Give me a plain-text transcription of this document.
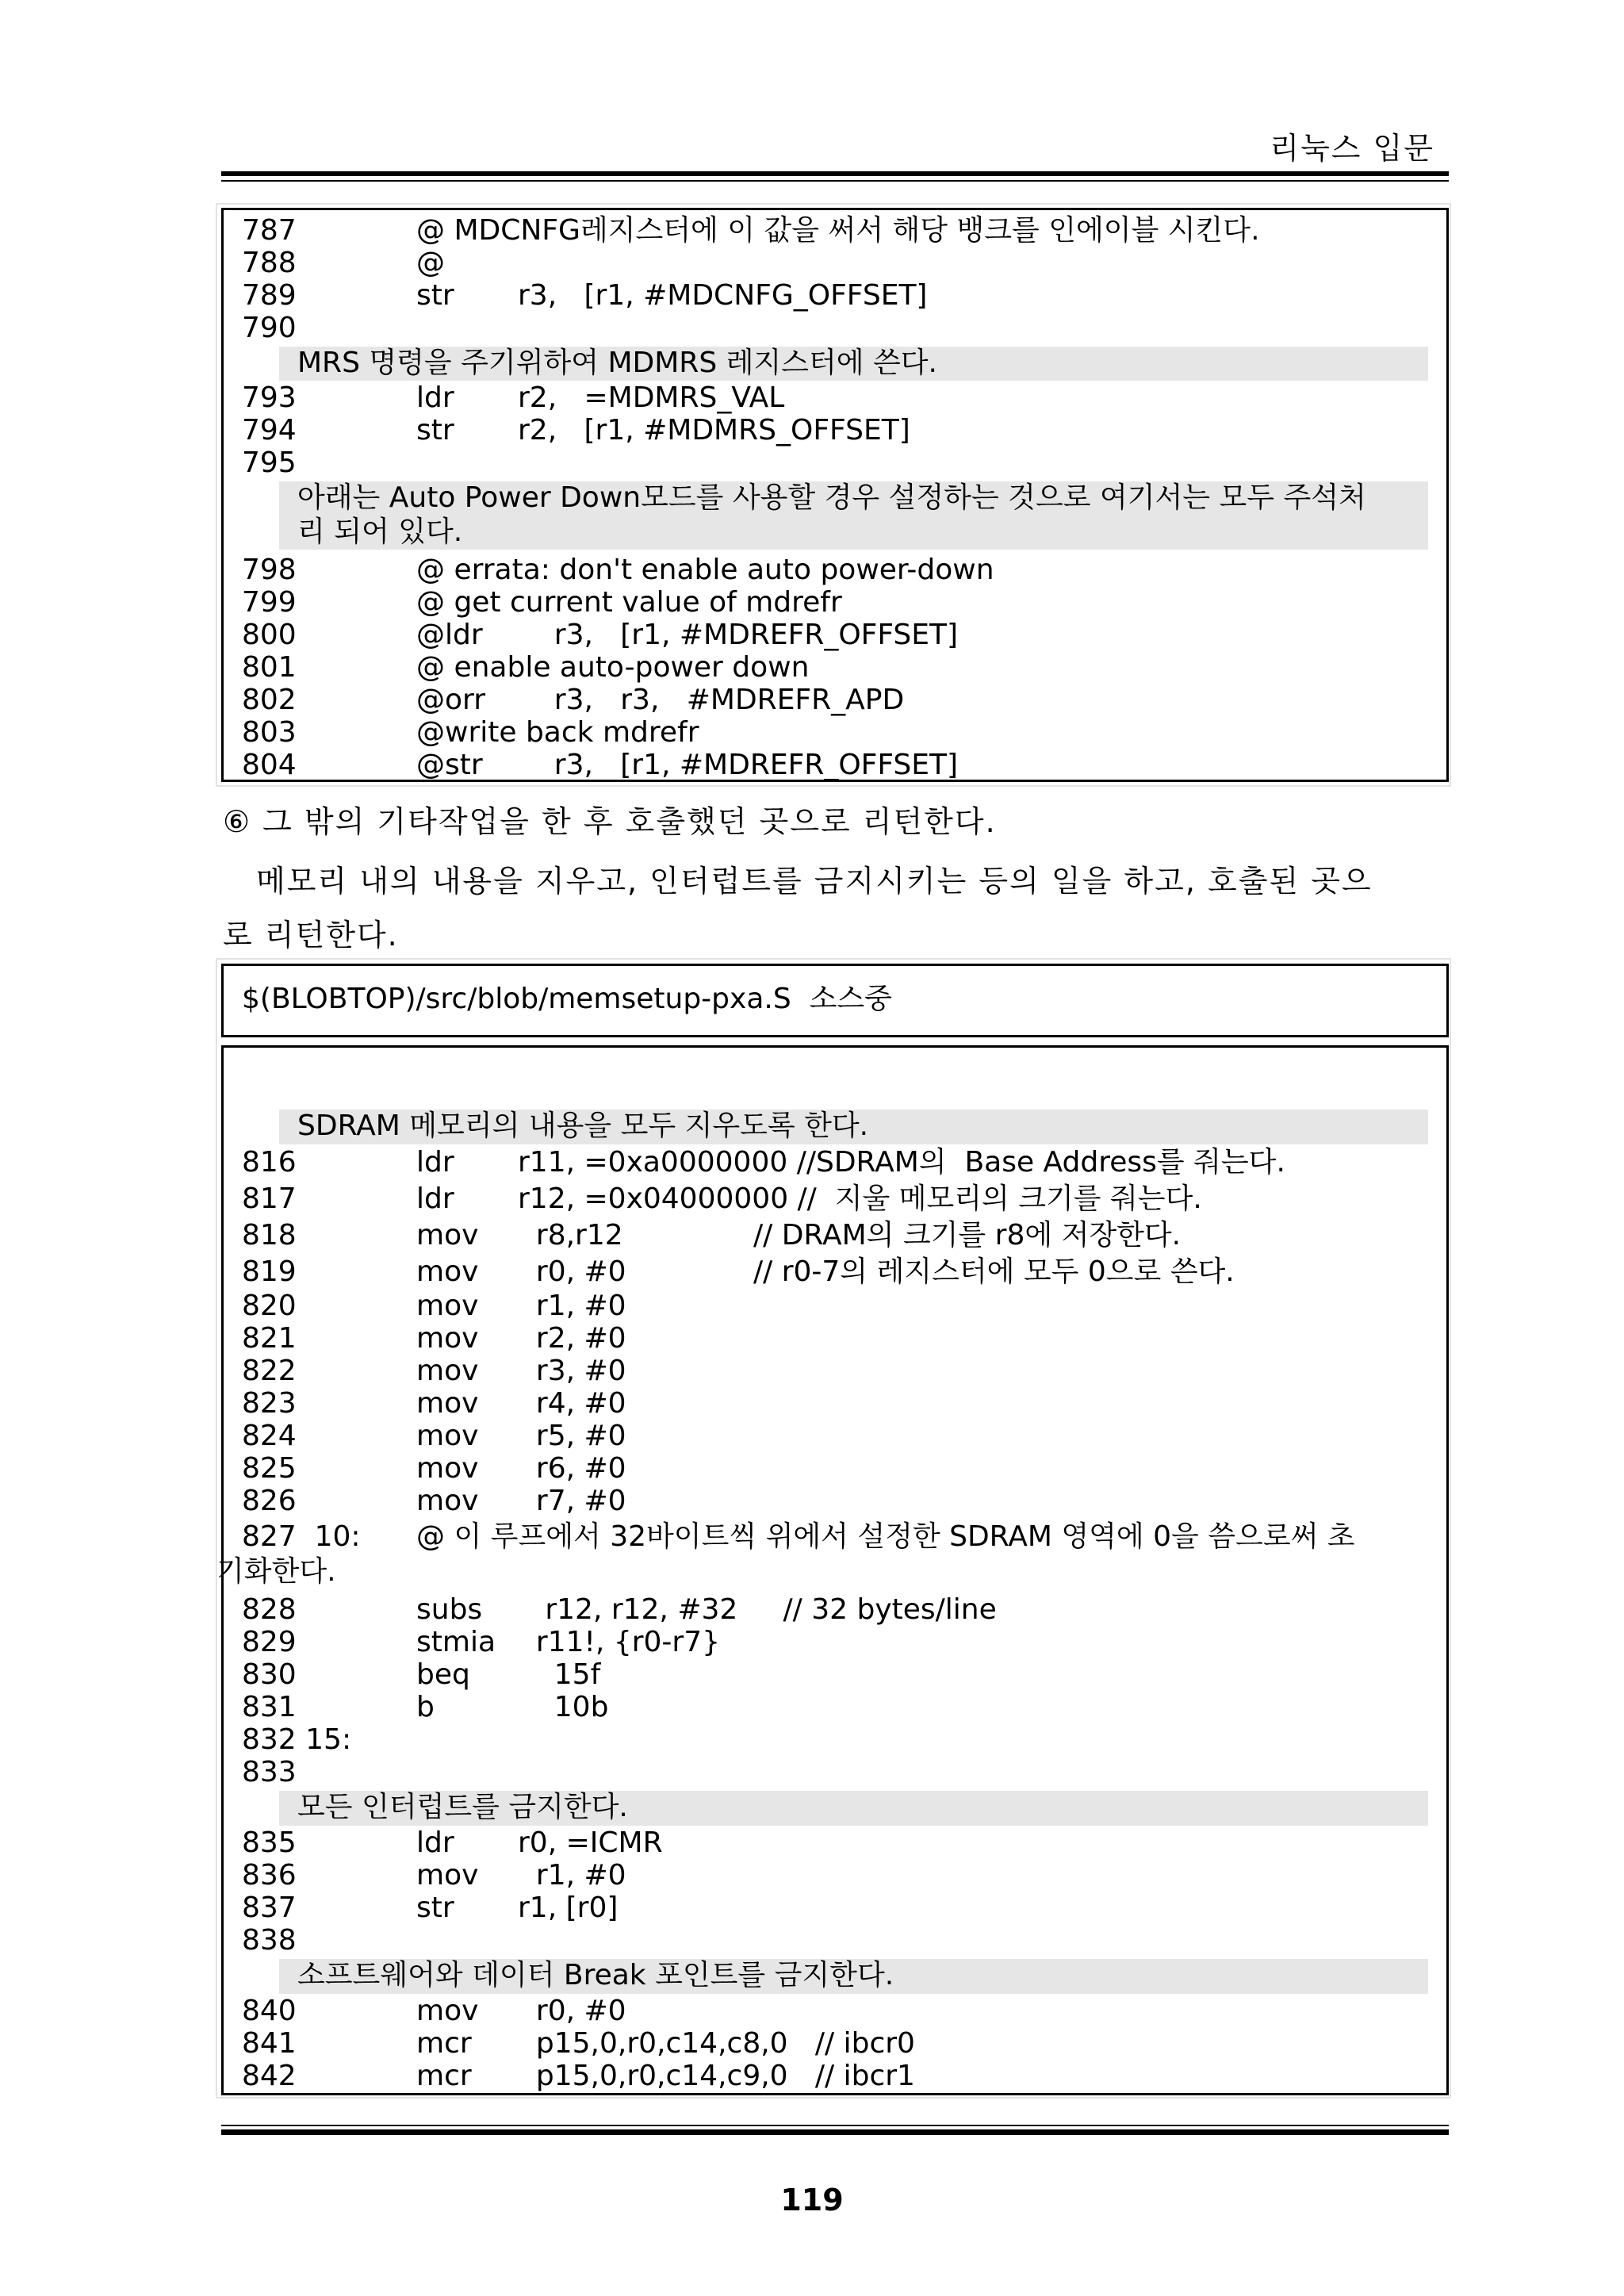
리눅스 입문
787	@ MDCNFG레지스터에 이 값을 써서 해당 뱅크를 인에이블 시킨다.
788	@
789	str r3,   [r1, #MDCNFG_OFFSET]
790
MRS 명령을 주기위하여 MDMRS 레지스터에 쓴다.
793	ldr r2,   =MDMRS_VAL
794	str r2,   [r1, #MDMRS_OFFSET]
795
아래는 Auto Power Down모드를 사용할 경우 설정하는 것으로 여기서는 모두 주석처
리 되어 있다.
798	@ errata: don't enable auto power-down
799	@ get current value of mdrefr
800	@ldr r3,   [r1, #MDREFR_OFFSET]
801	@ enable auto-power down
802	@orr r3,   r3,   #MDREFR_APD
803	@write back mdrefr
804	@str r3,   [r1, #MDREFR_OFFSET]
⑥ 그 밖의 기타작업을 한 후 호출했던 곳으로 리턴한다.
메모리 내의 내용을 지우고, 인터럽트를 금지시키는 등의 일을 하고, 호출된 곳으
로 리턴한다.
$(BLOBTOP)/src/blob/memsetup-pxa.S  소스중
SDRAM 메모리의 내용을 모두 지우도록 한다.
816	ldr r11, =0xa0000000 //SDRAM의  Base Address를 줘는다.
817	ldr r12, =0x04000000 //  지울 메모리의 크기를 줘는다.
818	mov r8,r12	// DRAM의 크기를 r8에 저장한다.
819	mov r0, #0	// r0-7의 레지스터에 모두 0으로 쓴다.
820	mov r1, #0
821	mov r2, #0
822	mov r3, #0
823	mov r4, #0
824	mov r5, #0
825	mov r6, #0
826	mov r7, #0
827  10: @ 이 루프에서 32바이트씩 위에서 설정한 SDRAM 영역에 0을 씀으로써 초
기화한다.
828	subs r12, r12, #32     // 32 bytes/line
829	stmia r11!, {r0-r7}
830	beq 15f
831	b	10b
832 15:
833
모든 인터럽트를 금지한다.
835	ldr r0, =ICMR
836	mov r1, #0
837	str r1, [r0]
838
소프트웨어와 데이터 Break 포인트를 금지한다.
840	mov r0, #0
841	mcr p15,0,r0,c14,c8,0   // ibcr0
842	mcr p15,0,r0,c14,c9,0   // ibcr1
119
